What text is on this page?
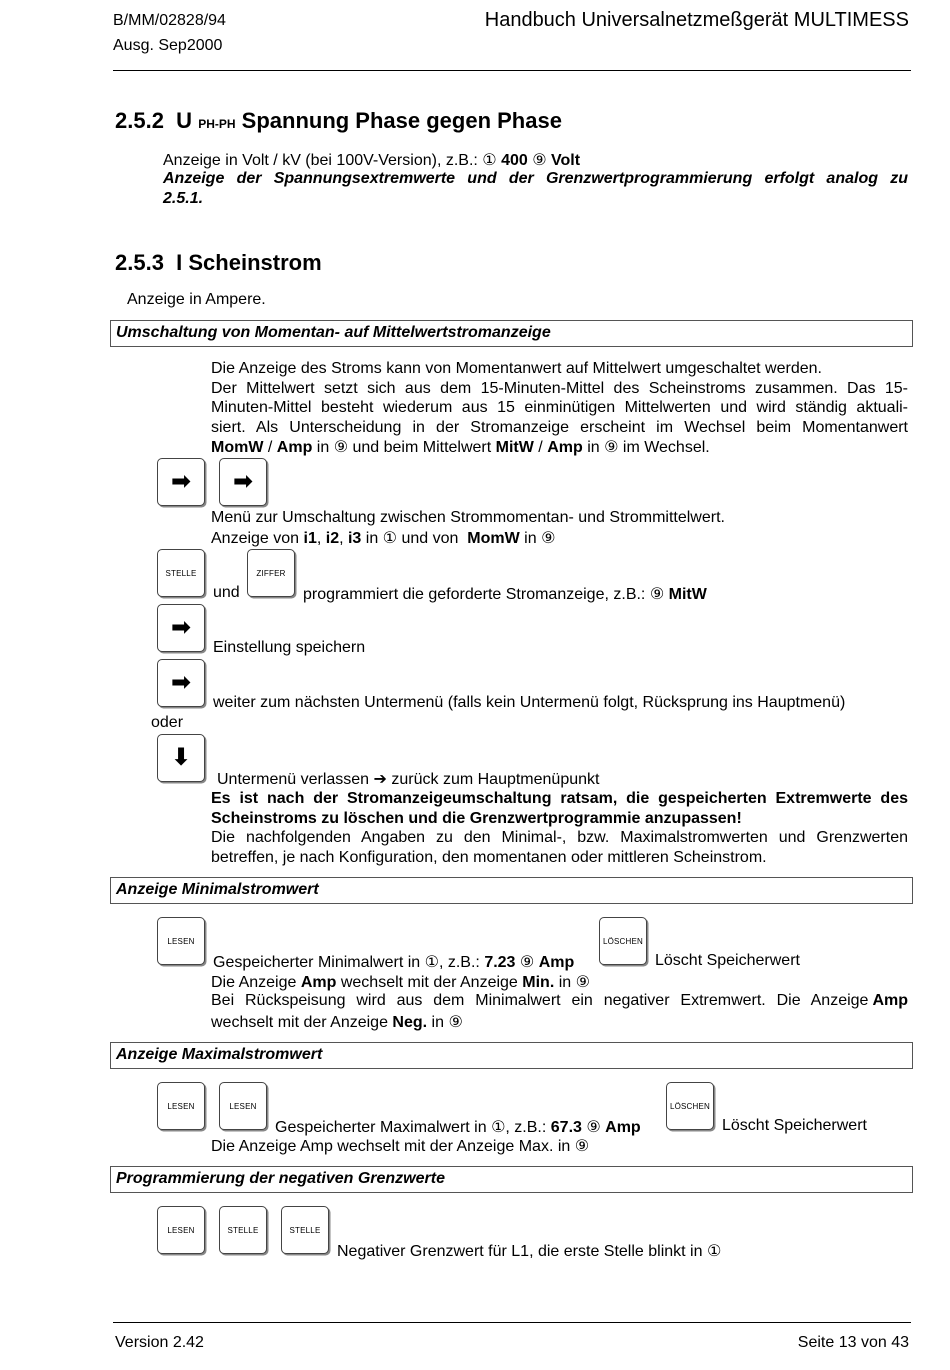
B/MM/02828/94
Ausg. Sep2000
Handbuch Universalnetzmeßgerät MULTIMESS
2.5.2 U PH-PH Spannung Phase gegen Phase
Anzeige in Volt / kV (bei 100V-Version), z.B.: ① 400 ⑨ Volt
Anzeige der Spannungsextremwerte und der Grenzwertprogrammierung erfolgt analog zu
2.5.1.
2.5.3  I Scheinstrom
Anzeige in Ampere.
Umschaltung von Momentan- auf Mittelwertstromanzeige
Die Anzeige des Stroms kann von Momentanwert auf Mittelwert umgeschaltet werden.
Der Mittelwert setzt sich aus dem 15-Minuten-Mittel des Scheinstroms zusammen. Das 15-
Minuten-Mittel besteht wiederum aus 15 einminütigen Mittelwerten und wird ständig aktuali-
siert. Als Unterscheidung in der Stromanzeige erscheint im Wechsel beim Momentanwert
MomW / Amp in ⑨ und beim Mittelwert MitW / Amp in ⑨ im Wechsel.
➡ ➡
Menü zur Umschaltung zwischen Strommomentan- und Strommittelwert.
Anzeige von i1, i2, i3 in ① und von  MomW in ⑨
STELLE
und
ZIFFER
programmiert die geforderte Stromanzeige, z.B.: ⑨ MitW
➡
Einstellung speichern
➡
weiter zum nächsten Untermenü (falls kein Untermenü folgt, Rücksprung ins Hauptmenü)
oder
⬇
Untermenü verlassen ➔ zurück zum Hauptmenüpunkt
Es ist nach der Stromanzeigeumschaltung ratsam, die gespeicherten Extremwerte des
Scheinstroms zu löschen und die Grenzwertprogrammie anzupassen!
Die nachfolgenden Angaben zu den Minimal-, bzw. Maximalstromwerten und Grenzwerten
betreffen, je nach Konfiguration, den momentanen oder mittleren Scheinstrom.
Anzeige Minimalstromwert
LESEN
Gespeicherter Minimalwert in ①, z.B.: 7.23 ⑨ Amp
LÖSCHEN
Löscht Speicherwert
Die Anzeige Amp wechselt mit der Anzeige Min. in ⑨
Bei Rückspeisung wird aus dem Minimalwert ein negativer Extremwert. Die Anzeige Amp
wechselt mit der Anzeige Neg. in ⑨
Anzeige Maximalstromwert
LESEN	LESEN
Gespeicherter Maximalwert in ①, z.B.: 67.3 ⑨ Amp
LÖSCHEN
Löscht Speicherwert
Die Anzeige Amp wechselt mit der Anzeige Max. in ⑨
Programmierung der negativen Grenzwerte
LESEN	STELLE	STELLE
Negativer Grenzwert für L1, die erste Stelle blinkt in ①
Version 2.42	Seite 13 von 43
